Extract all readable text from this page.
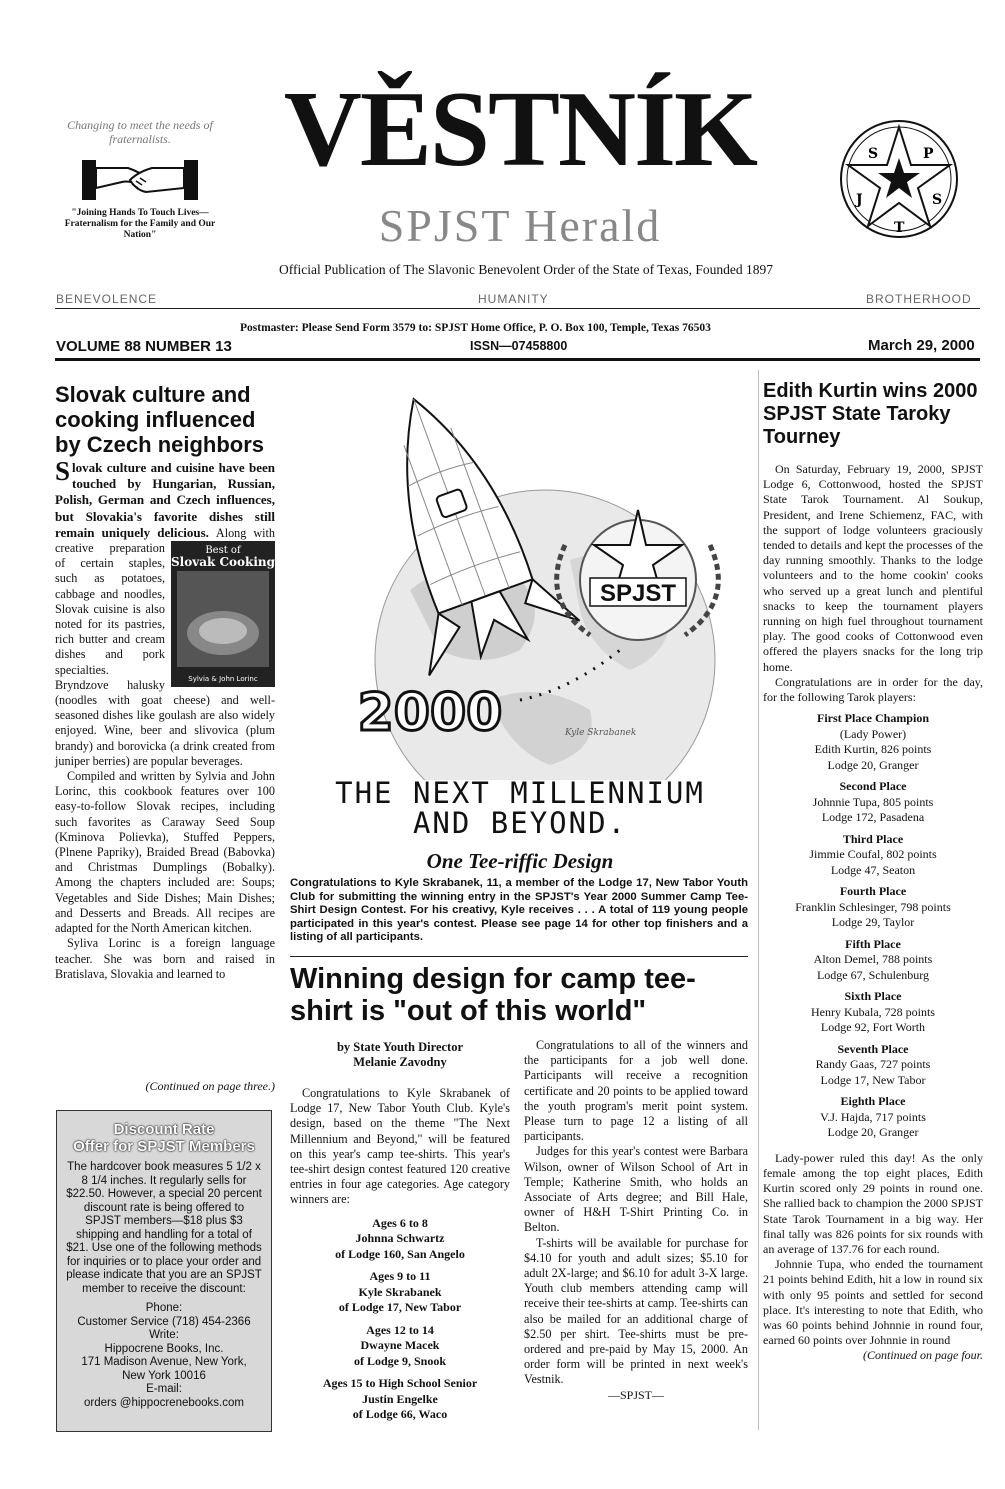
Changing to meet the needs of fraternalists.
"Joining Hands To Touch Lives—Fraternalism for the Family and Our Nation"
VĚSTNÍK
SPJST Herald
Official Publication of The Slavonic Benevolent Order of the State of Texas, Founded 1897
P
S
S
J
T
BENEVOLENCE	HUMANITY	BROTHERHOOD
Postmaster: Please Send Form 3579 to: SPJST Home Office, P. O. Box 100, Temple, Texas 76503
VOLUME 88 NUMBER 13	ISSN—07458800	March 29, 2000
Slovak culture and cooking influenced by Czech neighbors

Slovak culture and cuisine have been touched by Hungarian, Russian, Polish, German and Czech influences, but Slovakia's favorite dishes still remain uniquely delicious.
Best of
Slovak Cooking
Sylvia & John Lorinc
Along with creative preparation of certain staples, such as potatoes, cabbage and noodles, Slovak cuisine is also noted for its pastries, rich butter and cream dishes and pork specialties. Bryndzove halusky (noodles with goat cheese) and well-seasoned dishes like goulash are also widely enjoyed. Wine, beer and slivovica (plum brandy) and borovicka (a drink created from juniper berries) are popular beverages.

Compiled and written by Sylvia and John Lorinc, this cookbook features over 100 easy-to-follow Slovak recipes, including such favorites as Caraway Seed Soup (Kminova Polievka), Stuffed Peppers, (Plnene Papriky), Braided Bread (Babovka) and Christmas Dumplings (Bobalky). Among the chapters included are: Soups; Vegetables and Side Dishes; Main Dishes; and Desserts and Breads. All recipes are adapted for the North American kitchen.

Syliva Lorinc is a foreign language teacher. She was born and raised in Bratislava, Slovakia and learned to

(Continued on page three.)
Discount Rate
Offer for SPJST Members
The hardcover book measures 5 1/2 x 8 1/4 inches. It regularly sells for $22.50. However, a special 20 percent discount rate is being offered to SPJST members—$18 plus $3 shipping and handling for a total of $21. Use one of the following methods for inquiries or to place your order and please indicate that you are an SPJST member to receive the discount:
Phone:
Customer Service (718) 454-2366
Write:
Hippocrene Books, Inc.
171 Madison Avenue, New York,
New York 10016
E-mail:
orders @hippocrenebooks.com
SPJST
2000	Kyle Skrabanek
THE NEXT MILLENNIUM
AND BEYOND.
One Tee-riffic Design
Congratulations to Kyle Skrabanek, 11, a member of the Lodge 17, New Tabor Youth Club for submitting the winning entry in the SPJST's Year 2000 Summer Camp Tee-Shirt Design Contest. For his creativy, Kyle receives . . . A total of 119 young people participated in this year's contest. Please see page 14 for other top finishers and a listing of all participants.
Winning design for camp tee-shirt is "out of this world"
by State Youth Director
Melanie Zavodny

Congratulations to Kyle Skrabanek of Lodge 17, New Tabor Youth Club. Kyle's design, based on the theme "The Next Millennium and Beyond," will be featured on this year's camp tee-shirts. This year's tee-shirt design contest featured 120 creative entries in four age categories. Age category winners are:

Ages 6 to 8
Johnna Schwartz
of Lodge 160, San Angelo
Ages 9 to 11
Kyle Skrabanek
of Lodge 17, New Tabor
Ages 12 to 14
Dwayne Macek
of Lodge 9, Snook
Ages 15 to High School Senior
Justin Engelke
of Lodge 66, Waco

Congratulations to all of the winners and the participants for a job well done. Participants will receive a recognition certificate and 20 points to be applied toward the youth program's merit point system. Please turn to page 12 a listing of all participants.

Judges for this year's contest were Barbara Wilson, owner of Wilson School of Art in Temple; Katherine Smith, who holds an Associate of Arts degree; and Bill Hale, owner of H&H T-Shirt Printing Co. in Belton.

T-shirts will be available for purchase for $4.10 for youth and adult sizes; $5.10 for adult 2X-large; and $6.10 for adult 3-X large. Youth club members attending camp will receive their tee-shirts at camp. Tee-shirts can also be mailed for an additional charge of $2.50 per shirt. Tee-shirts must be pre-ordered and pre-paid by May 15, 2000. An order form will be printed in next week's Vestnik.

—SPJST—
Edith Kurtin wins 2000 SPJST State Taroky Tourney

On Saturday, February 19, 2000, SPJST Lodge 6, Cottonwood, hosted the SPJST State Tarok Tournament. Al Soukup, President, and Irene Schiemenz, FAC, with the support of lodge volunteers graciously tended to details and kept the processes of the day running smoothly. Thanks to the lodge volunteers and to the home cookin' cooks who served up a great lunch and plentiful snacks to keep the tournament players running on high fuel throughout tournament play. The good cooks of Cottonwood even offered the players snacks for the long trip home.

Congratulations are in order for the day, for the following Tarok players:

First Place Champion
(Lady Power)
Edith Kurtin, 826 points
Lodge 20, Granger
Second Place
Johnnie Tupa, 805 points
Lodge 172, Pasadena
Third Place
Jimmie Coufal, 802 points
Lodge 47, Seaton
Fourth Place
Franklin Schlesinger, 798 points
Lodge 29, Taylor
Fifth Place
Alton Demel, 788 points
Lodge 67, Schulenburg
Sixth Place
Henry Kubala, 728 points
Lodge 92, Fort Worth
Seventh Place
Randy Gaas, 727 points
Lodge 17, New Tabor
Eighth Place
V.J. Hajda, 717 points
Lodge 20, Granger

Lady-power ruled this day! As the only female among the top eight places, Edith Kurtin scored only 29 points in round one. She rallied back to champion the 2000 SPJST State Tarok Tournament in a big way. Her final tally was 826 points for six rounds with an average of 137.76 for each round.

Johnnie Tupa, who ended the tournament 21 points behind Edith, hit a low in round six with only 95 points and settled for second place. It's interesting to note that Edith, who was 60 points behind Johnnie in round four, earned 60 points over Johnnie in round

(Continued on page four.
